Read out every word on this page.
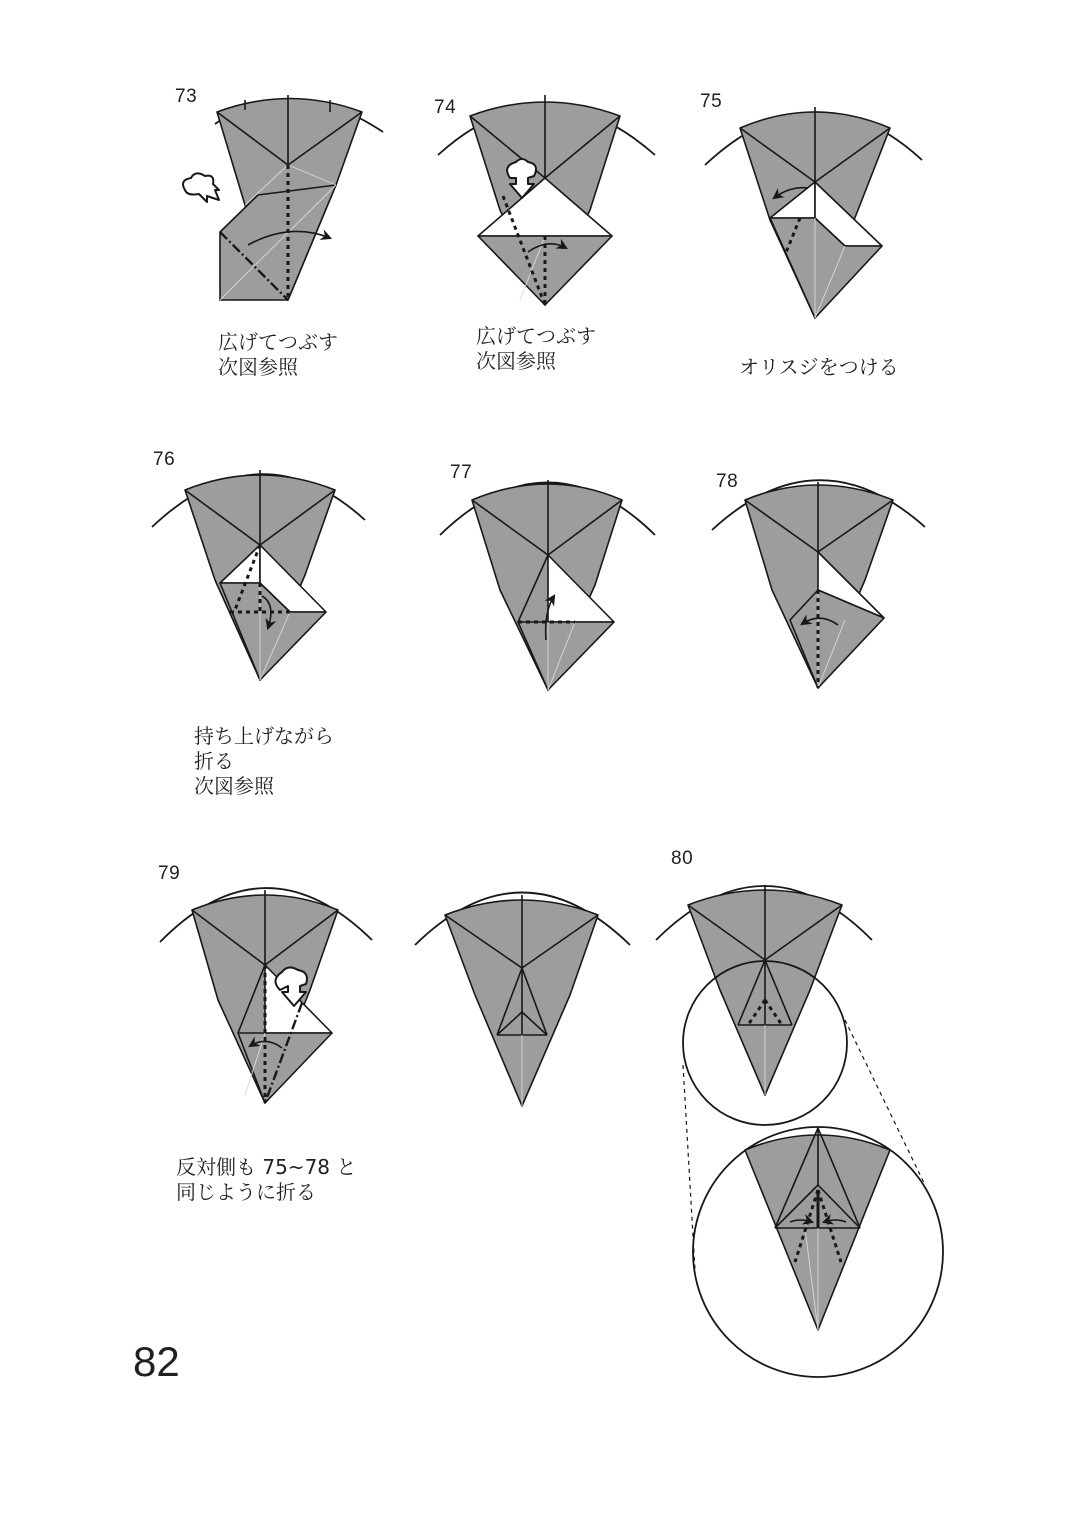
73
74	75
76
77	78
79
80
広げてつぶす
次図参照
広げてつぶす
次図参照	オリスジをつける
持ち上げながら
折る
次図参照
反対側も 75~78 と
同じように折る
82
